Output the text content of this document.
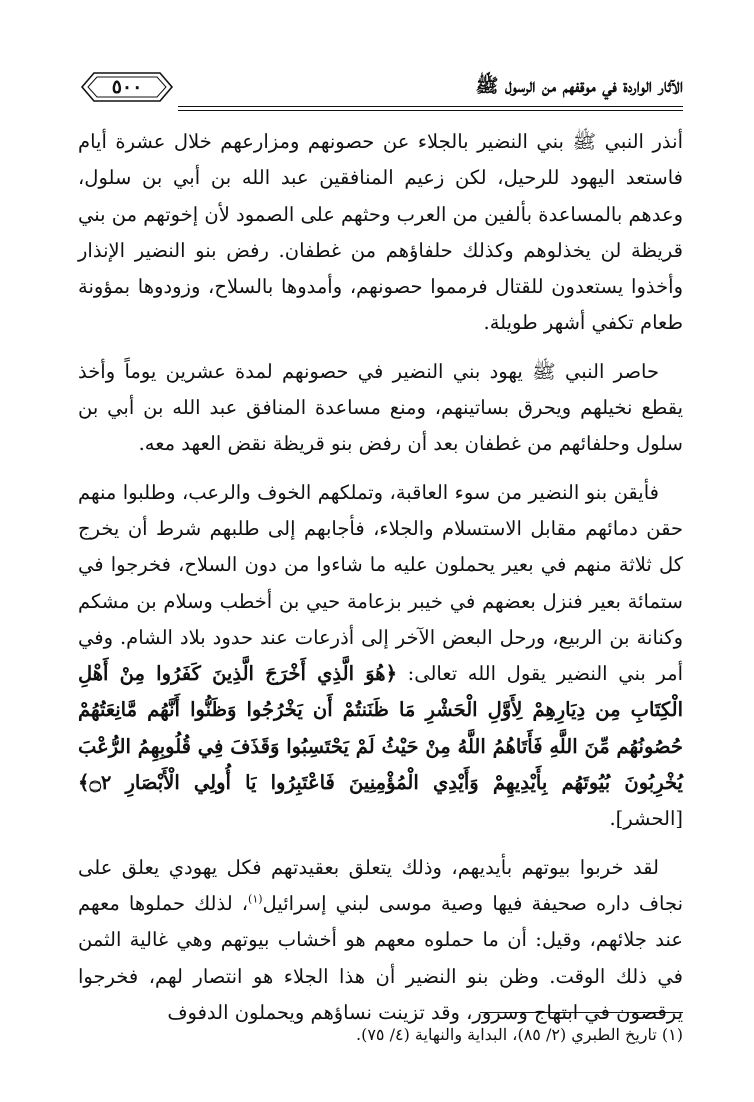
٥٠٠	الآثار الواردة في موقفهم من الرسول ﷺ

أنذر النبي ﷺ بني النضير بالجلاء عن حصونهم ومزارعهم خلال عشرة أيام فاستعد اليهود للرحيل، لكن زعيم المنافقين عبد الله بن أبي بن سلول، وعدهم بالمساعدة بألفين من العرب وحثهم على الصمود لأن إخوتهم من بني قريظة لن يخذلوهم وكذلك حلفاؤهم من غطفان. رفض بنو النضير الإنذار وأخذوا يستعدون للقتال فرمموا حصونهم، وأمدوها بالسلاح، وزودوها بمؤونة طعام تكفي أشهر طويلة.

حاصر النبي ﷺ يهود بني النضير في حصونهم لمدة عشرين يوماً وأخذ يقطع نخيلهم ويحرق بساتينهم، ومنع مساعدة المنافق عبد الله بن أبي بن سلول وحلفائهم من غطفان بعد أن رفض بنو قريظة نقض العهد معه.

فأيقن بنو النضير من سوء العاقبة، وتملكهم الخوف والرعب، وطلبوا منهم حقن دمائهم مقابل الاستسلام والجلاء، فأجابهم إلى طلبهم شرط أن يخرج كل ثلاثة منهم في بعير يحملون عليه ما شاءوا من دون السلاح، فخرجوا في ستمائة بعير فنزل بعضهم في خيبر بزعامة حيي بن أخطب وسلام بن مشكم وكنانة بن الربيع، ورحل البعض الآخر إلى أذرعات عند حدود بلاد الشام. وفي أمر بني النضير يقول الله تعالى: ﴿هُوَ الَّذِي أَخْرَجَ الَّذِينَ كَفَرُوا مِنْ أَهْلِ الْكِتَابِ مِن دِيَارِهِمْ لِأَوَّلِ الْحَشْرِ مَا ظَنَنتُمْ أَن يَخْرُجُوا وَظَنُّوا أَنَّهُم مَّانِعَتُهُمْ حُصُونُهُم مِّنَ اللَّهِ فَأَتَاهُمُ اللَّهُ مِنْ حَيْثُ لَمْ يَحْتَسِبُوا وَقَذَفَ فِي قُلُوبِهِمُ الرُّعْبَ يُخْرِبُونَ بُيُوتَهُم بِأَيْدِيهِمْ وَأَيْدِي الْمُؤْمِنِينَ فَاعْتَبِرُوا يَا أُولِي الْأَبْصَارِ ۝٢﴾ [الحشر].

لقد خربوا بيوتهم بأيديهم، وذلك يتعلق بعقيدتهم فكل يهودي يعلق على نجاف داره صحيفة فيها وصية موسى لبني إسرائيل$^{(١)}$، لذلك حملوها معهم عند جلائهم، وقيل: أن ما حملوه معهم هو أخشاب بيوتهم وهي غالية الثمن في ذلك الوقت. وظن بنو النضير أن هذا الجلاء هو انتصار لهم، فخرجوا يرقصون في ابتهاج وسرور، وقد تزينت نساؤهم ويحملون الدفوف

(١) تاريخ الطبري (٢/ ٨٥)، البداية والنهاية (٤/ ٧٥).
